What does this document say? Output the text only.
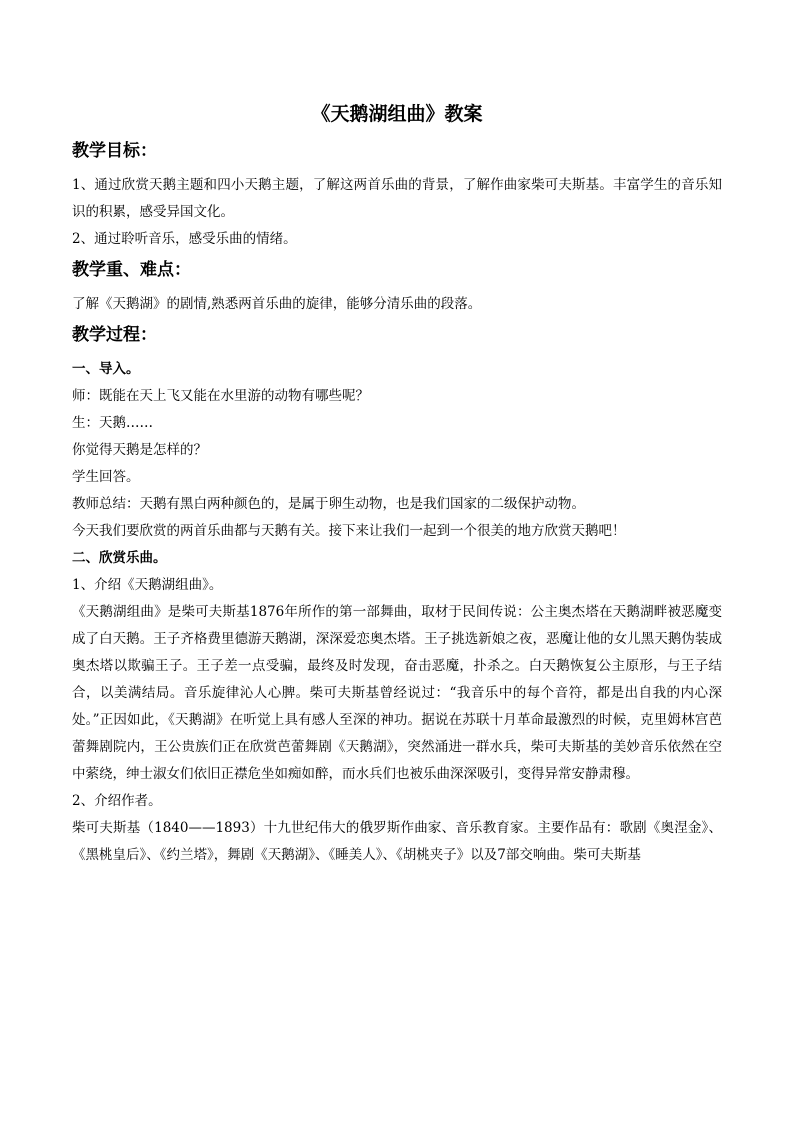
《天鹅湖组曲》教案
教学目标：

1、通过欣赏天鹅主题和四小天鹅主题，了解这两首乐曲的背景，了解作曲家柴可夫斯基。丰富学生的音乐知识的积累，感受异国文化。

2、通过聆听音乐，感受乐曲的情绪。

教学重、难点：

了解《天鹅湖》的剧情,熟悉两首乐曲的旋律，能够分清乐曲的段落。

教学过程：
一、导入。

师：既能在天上飞又能在水里游的动物有哪些呢？

生：天鹅……

你觉得天鹅是怎样的？

学生回答。

教师总结：天鹅有黑白两种颜色的，是属于卵生动物，也是我们国家的二级保护动物。

今天我们要欣赏的两首乐曲都与天鹅有关。接下来让我们一起到一个很美的地方欣赏天鹅吧！

二、欣赏乐曲。

1、介绍《天鹅湖组曲》。

《天鹅湖组曲》是柴可夫斯基1876年所作的第一部舞曲，取材于民间传说：公主奥杰塔在天鹅湖畔被恶魔变成了白天鹅。王子齐格费里德游天鹅湖，深深爱恋奥杰塔。王子挑选新娘之夜，恶魔让他的女儿黑天鹅伪装成奥杰塔以欺骗王子。王子差一点受骗，最终及时发现，奋击恶魔，扑杀之。白天鹅恢复公主原形，与王子结合，以美满结局。音乐旋律沁人心脾。柴可夫斯基曾经说过：“我音乐中的每个音符，都是出自我的内心深处。”正因如此，《天鹅湖》在听觉上具有感人至深的神功。据说在苏联十月革命最激烈的时候，克里姆林宫芭蕾舞剧院内，王公贵族们正在欣赏芭蕾舞剧《天鹅湖》，突然涌进一群水兵，柴可夫斯基的美妙音乐依然在空中萦绕，绅士淑女们依旧正襟危坐如痴如醉，而水兵们也被乐曲深深吸引，变得异常安静肃穆。

2、介绍作者。

柴可夫斯基（1840——1893）十九世纪伟大的俄罗斯作曲家、音乐教育家。主要作品有：歌剧《奥涅金》、《黑桃皇后》、《约兰塔》，舞剧《天鹅湖》、《睡美人》、《胡桃夹子》以及7部交响曲。柴可夫斯基
